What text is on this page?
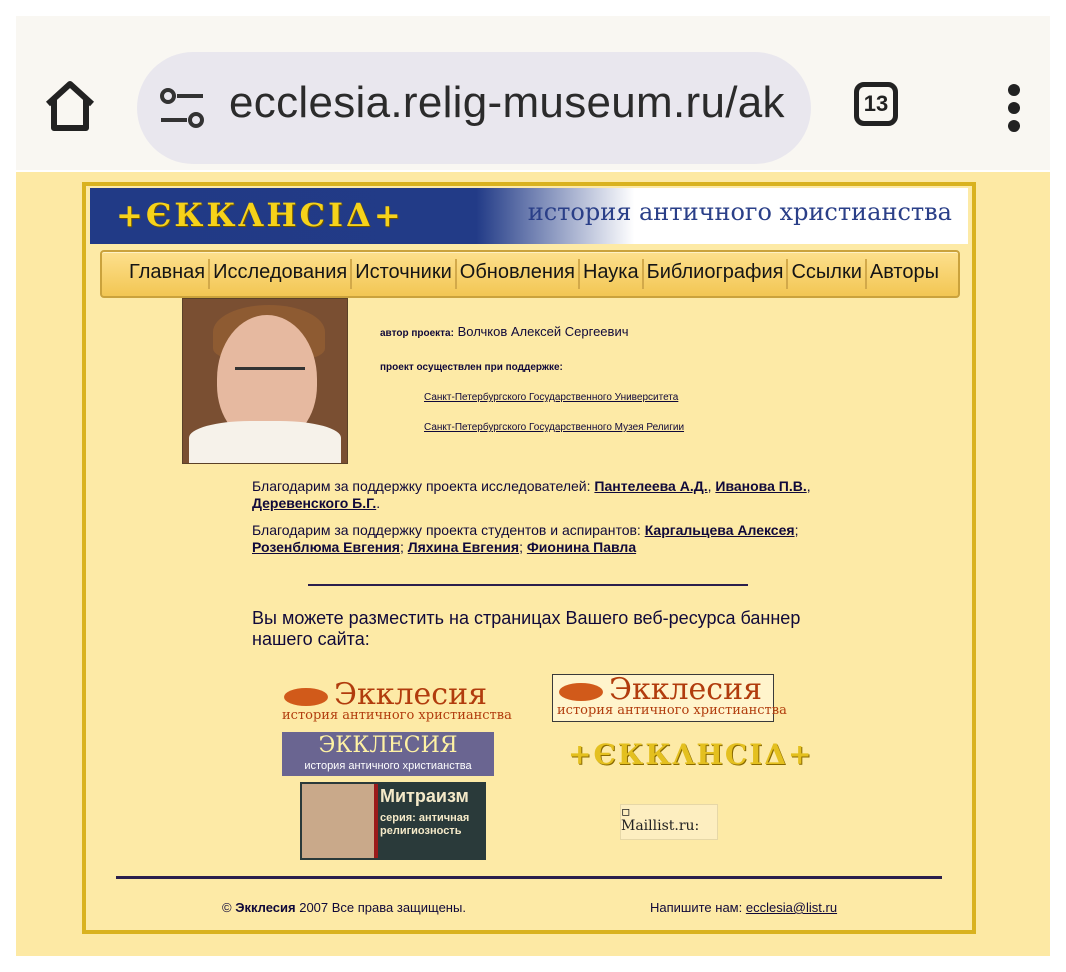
ecclesia.relig-museum.ru/ak	13
+ЄККΛΗСΙΔ+	история античного христианства
Главная Исследования Источники Обновления Наука Библиография Ссылки Авторы
автор проекта: Волчков Алексей Сергеевич
проект осуществлен при поддержке:
Санкт-Петербургского Государственного Университета
Санкт-Петербургского Государственного Музея Религии
Благодарим за поддержку проекта исследователей: Пантелеева А.Д., Иванова П.В., Деревенского Б.Г..
Благодарим за поддержку проекта студентов и аспирантов: Каргальцева Алексея; Розенблюма Евгения; Ляхина Евгения; Фионина Павла
Вы можете разместить на страницах Вашего веб-ресурса баннер нашего сайта:
Экклесия
история античного христианства
Экклесия
история античного христианства
ЭККЛЕСИЯ
история античного христианства	+ЄККΛΗСΙΔ+
Митраизм
серия: античная религиозность
▫
Maillist.ru:
© Экклесия 2007 Все права защищены.	Напишите нам: ecclesia@list.ru
